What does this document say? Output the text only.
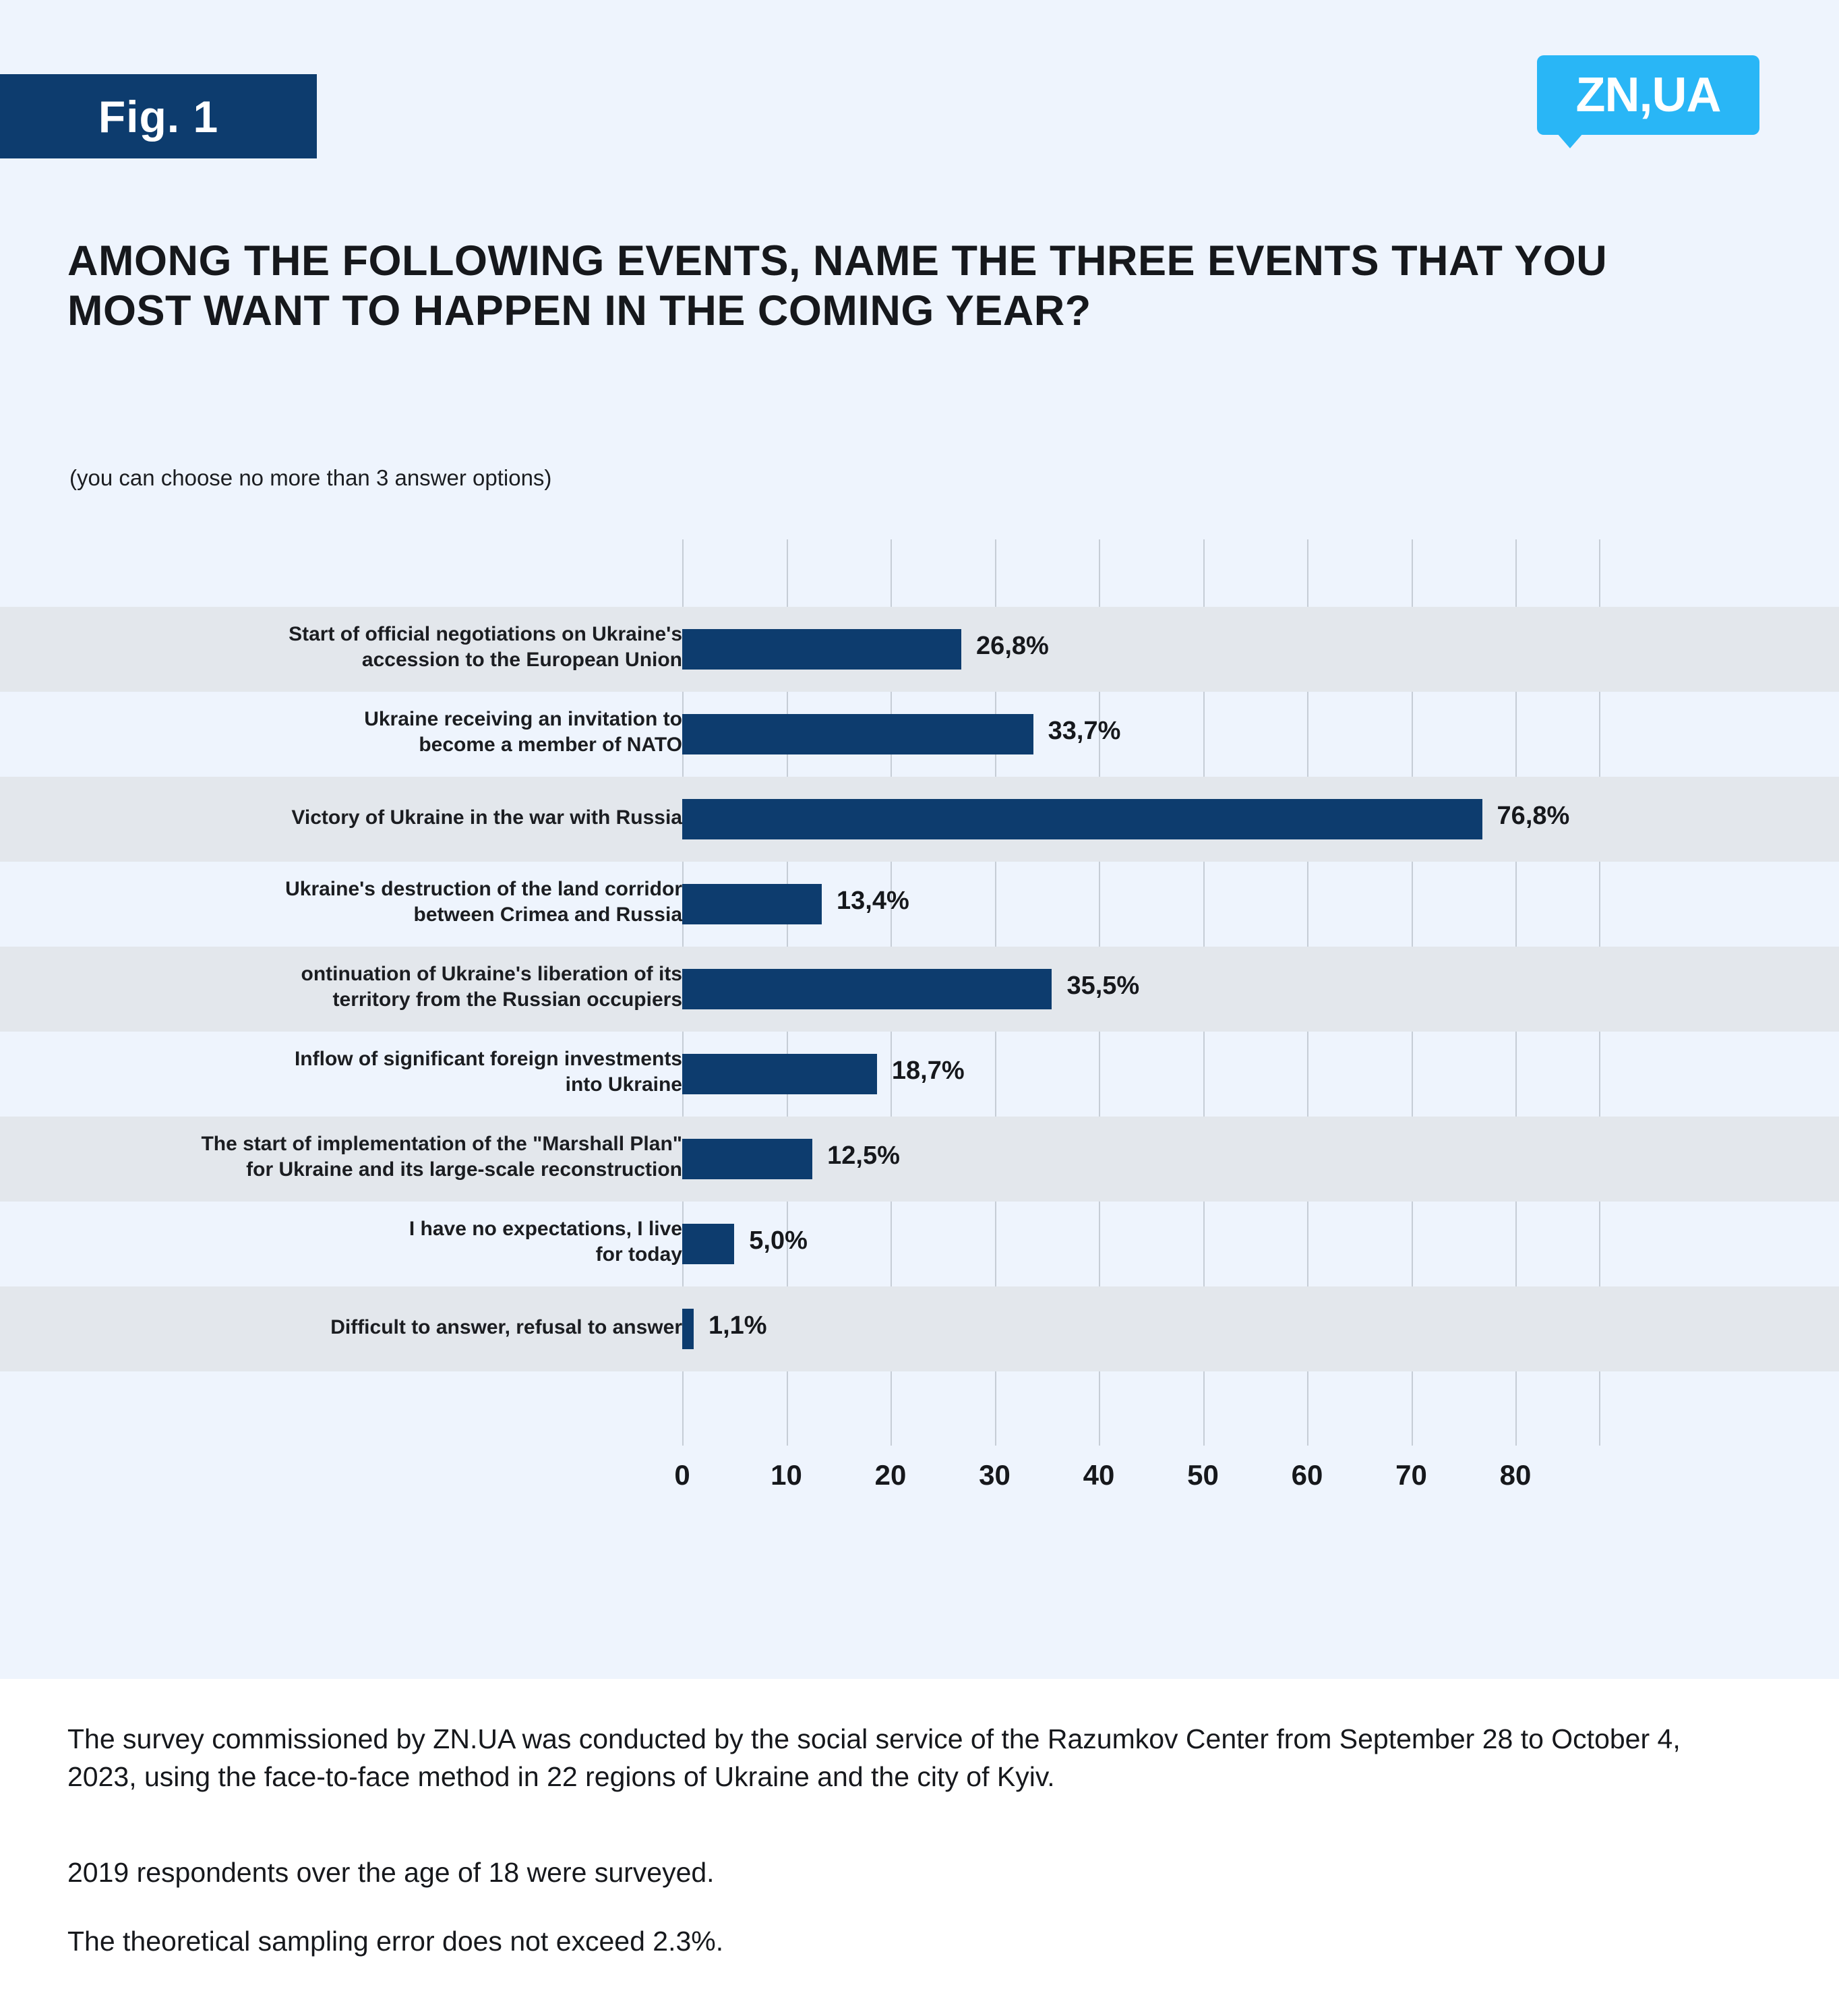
Fig. 1	ZN,UA
AMONG THE FOLLOWING EVENTS, NAME THE THREE EVENTS THAT YOU MOST WANT TO HAPPEN IN THE COMING YEAR?
(you can choose no more than 3 answer options)
Start of official negotiations on Ukraine's
accession to the European Union	26,8%
Ukraine receiving an invitation to
become a member of NATO	33,7%
Victory of Ukraine in the war with Russia	76,8%
Ukraine's destruction of the land corridor
between Crimea and Russia	13,4%
ontinuation of Ukraine's liberation of its
territory from the Russian occupiers	35,5%
Inflow of significant foreign investments
into Ukraine	18,7%
The start of implementation of the "Marshall Plan"
for Ukraine and its large-scale reconstruction	12,5%
I have no expectations, I live
for today	5,0%
Difficult to answer, refusal to answer 1,1%
0	10	20	30	40	50	60	70	80

The survey commissioned by ZN.UA was conducted by the social service of the Razumkov Center from September 28 to October 4, 2023, using the face-to-face method in 22 regions of Ukraine and the city of Kyiv.

2019 respondents over the age of 18 were surveyed.

The theoretical sampling error does not exceed 2.3%.
